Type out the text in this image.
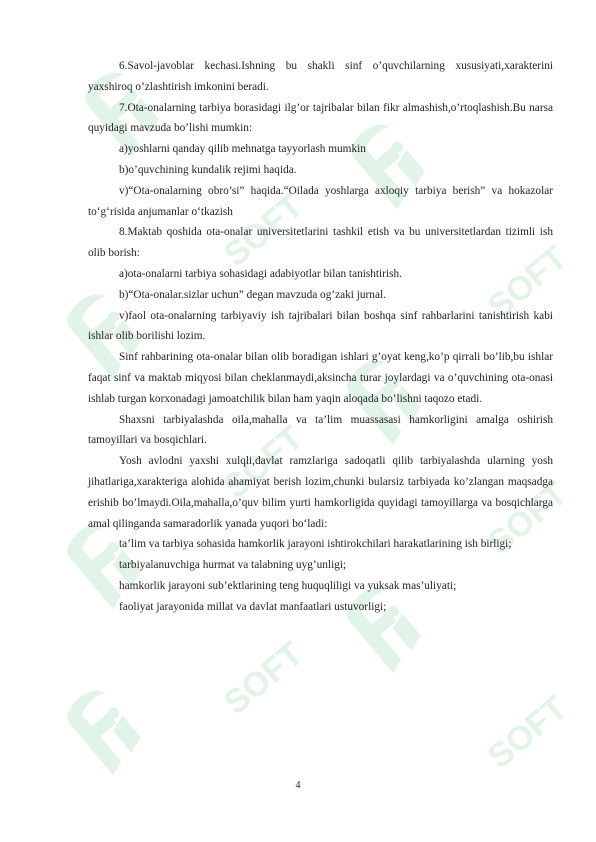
SOFT
SOFT
SOFT
SOFT
SOFT
SOFT

6.Savol-javoblar kechasi.Ishning bu shakli sinf o’quvchilarning xususiyati,xarakterini yaxshiroq o’zlashtirish imkonini beradi.

7.Ota-onalarning tarbiya borasidagi ilg’or tajribalar bilan fikr almashish,o’rtoqlashish.Bu narsa quyidagi mavzuda bo’lishi mumkin:

a)yoshlarni qanday qilib mehnatga tayyorlash mumkin

b)o’quvchining kundalik rejimi haqida.

v)“Ota-onalarning obro’si” haqida.“Oilada yoshlarga axloqiy tarbiya berish” va hokazolar to‘g‘risida anjumanlar o‘tkazish

8.Maktab qoshida ota-onalar universitetlarini tashkil etish va bu universitetlardan tizimli ish olib borish:

a)ota-onalarni tarbiya sohasidagi adabiyotlar bilan tanishtirish.

b)“Ota-onalar.sizlar uchun” degan mavzuda og’zaki jurnal.

v)faol ota-onalarning tarbiyaviy ish tajribalari bilan boshqa sinf rahbarlarini tanishtirish kabi ishlar olib borilishi lozim.

Sinf rahbarining ota-onalar bilan olib boradigan ishlari g’oyat keng,ko’p qirrali bo’lib,bu ishlar faqat sinf va maktab miqyosi bilan cheklanmaydi,aksincha turar joylardagi va o’quvchining ota-onasi ishlab turgan korxonadagi jamoatchilik bilan ham yaqin aloqada bo’lishni taqozo etadi.

Shaxsni tarbiyalashda oila,mahalla va ta’lim muassasasi hamkorligini amalga oshirish tamoyillari va bosqichlari.

Yosh avlodni yaxshi xulqli,davlat ramzlariga sadoqatli qilib tarbiyalashda ularning yosh jihatlariga,xarakteriga alohida ahamiyat berish lozim,chunki bularsiz tarbiyada ko’zlangan maqsadga erishib bo’lmaydi.Oila,mahalla,o’quv bilim yurti hamkorligida quyidagi tamoyillarga va bosqichlarga amal qilinganda samaradorlik yanada yuqori bo‘ladi:

ta’lim va tarbiya sohasida hamkorlik jarayoni ishtirokchilari harakatlarining ish birligi;

tarbiyalanuvchiga hurmat va talabning uyg’unligi;

hamkorlik jarayoni sub’ektlarining teng huquqliligi va yuksak mas’uliyati;

faoliyat jarayonida millat va davlat manfaatlari ustuvorligi;

4
